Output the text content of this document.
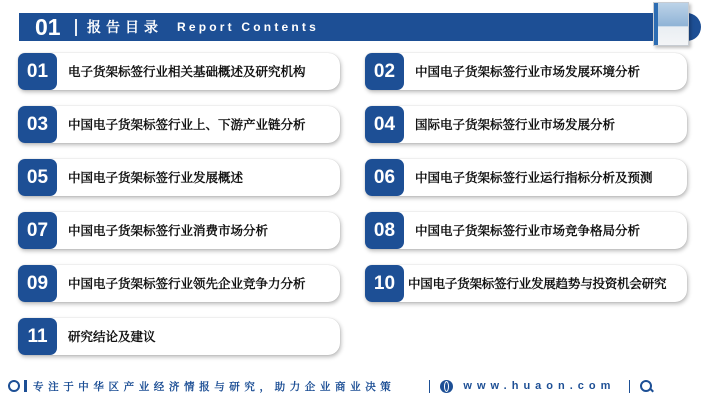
01	报告目录 Report Contents
01	电子货架标签行业相关基础概述及研究机构	02	中国电子货架标签行业市场发展环境分析
03	中国电子货架标签行业上、下游产业链分析	04	国际电子货架标签行业市场发展分析
05	中国电子货架标签行业发展概述	06	中国电子货架标签行业运行指标分析及预测
07	中国电子货架标签行业消费市场分析	08	中国电子货架标签行业市场竞争格局分析
09	中国电子货架标签行业领先企业竞争力分析	10	中国电子货架标签行业发展趋势与投资机会研究
11	研究结论及建议
专注于中华区产业经济情报与研究，助力企业商业决策	www.huaon.com
